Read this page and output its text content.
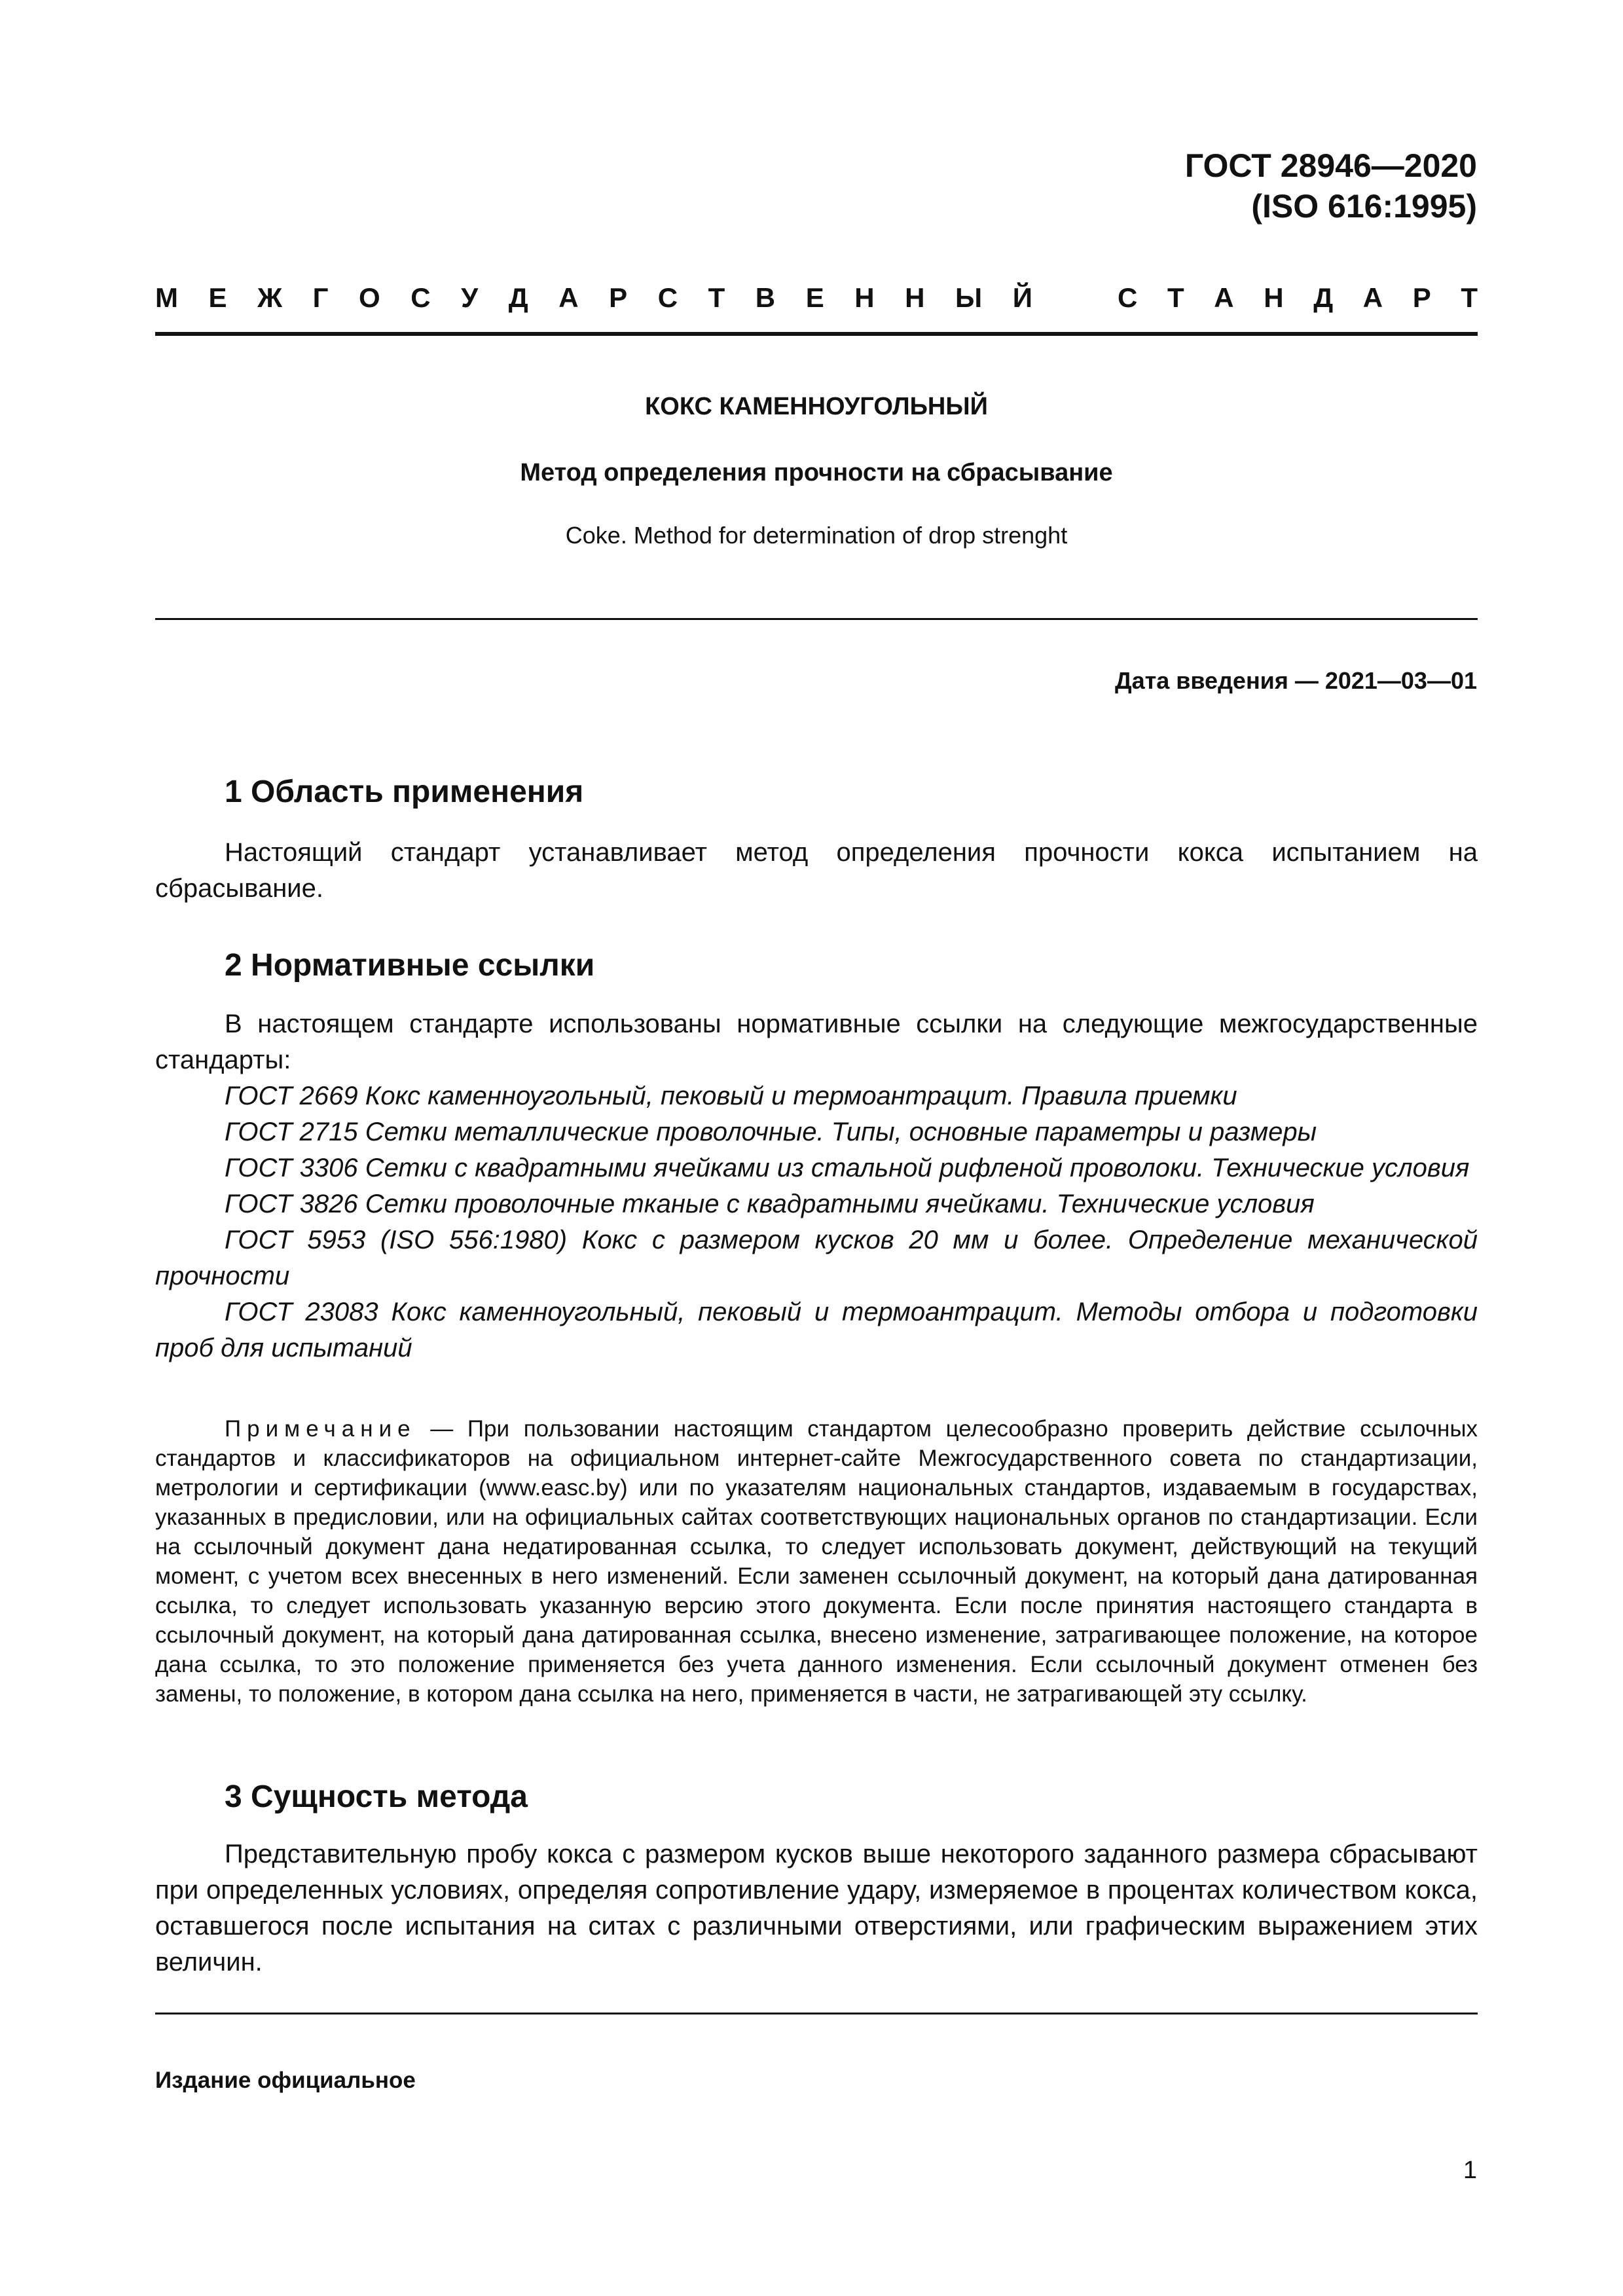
ГОСТ 28946—2020
(ISO 616:1995)
М Е Ж Г О С У Д А Р С Т В Е Н Н Ы Й	С Т А Н Д А Р Т
КОКС КАМЕННОУГОЛЬНЫЙ
Метод определения прочности на сбрасывание
Coke. Method for determination of drop strenght
Дата введения — 2021—03—01
1 Область применения

Настоящий стандарт устанавливает метод определения прочности кокса испытанием на сбрасывание.

2 Нормативные ссылки

В настоящем стандарте использованы нормативные ссылки на следующие межгосударственные стандарты:

ГОСТ 2669 Кокс каменноугольный, пековый и термоантрацит. Правила приемки

ГОСТ 2715 Сетки металлические проволочные. Типы, основные параметры и размеры

ГОСТ 3306 Сетки с квадратными ячейками из стальной рифленой проволоки. Технические условия

ГОСТ 3826 Сетки проволочные тканые с квадратными ячейками. Технические условия

ГОСТ 5953 (ISO 556:1980) Кокс с размером кусков 20 мм и более. Определение механической прочности

ГОСТ 23083 Кокс каменноугольный, пековый и термоантрацит. Методы отбора и подготовки проб для испытаний

Примечание — При пользовании настоящим стандартом целесообразно проверить действие ссылочных стандартов и классификаторов на официальном интернет-сайте Межгосударственного совета по стандартизации, метрологии и сертификации (www.easc.by) или по указателям национальных стандартов, издаваемым в государствах, указанных в предисловии, или на официальных сайтах соответствующих национальных органов по стандартизации. Если на ссылочный документ дана недатированная ссылка, то следует использовать документ, действующий на текущий момент, с учетом всех внесенных в него изменений. Если заменен ссылочный документ, на который дана датированная ссылка, то следует использовать указанную версию этого документа. Если после принятия настоящего стандарта в ссылочный документ, на который дана датированная ссылка, внесено изменение, затрагивающее положение, на которое дана ссылка, то это положение применяется без учета данного изменения. Если ссылочный документ отменен без замены, то положение, в котором дана ссылка на него, применяется в части, не затрагивающей эту ссылку.

3 Сущность метода

Представительную пробу кокса с размером кусков выше некоторого заданного размера сбрасывают при определенных условиях, определяя сопротивление удару, измеряемое в процентах количеством кокса, оставшегося после испытания на ситах с различными отверстиями, или графическим выражением этих величин.

Издание официальное
1
